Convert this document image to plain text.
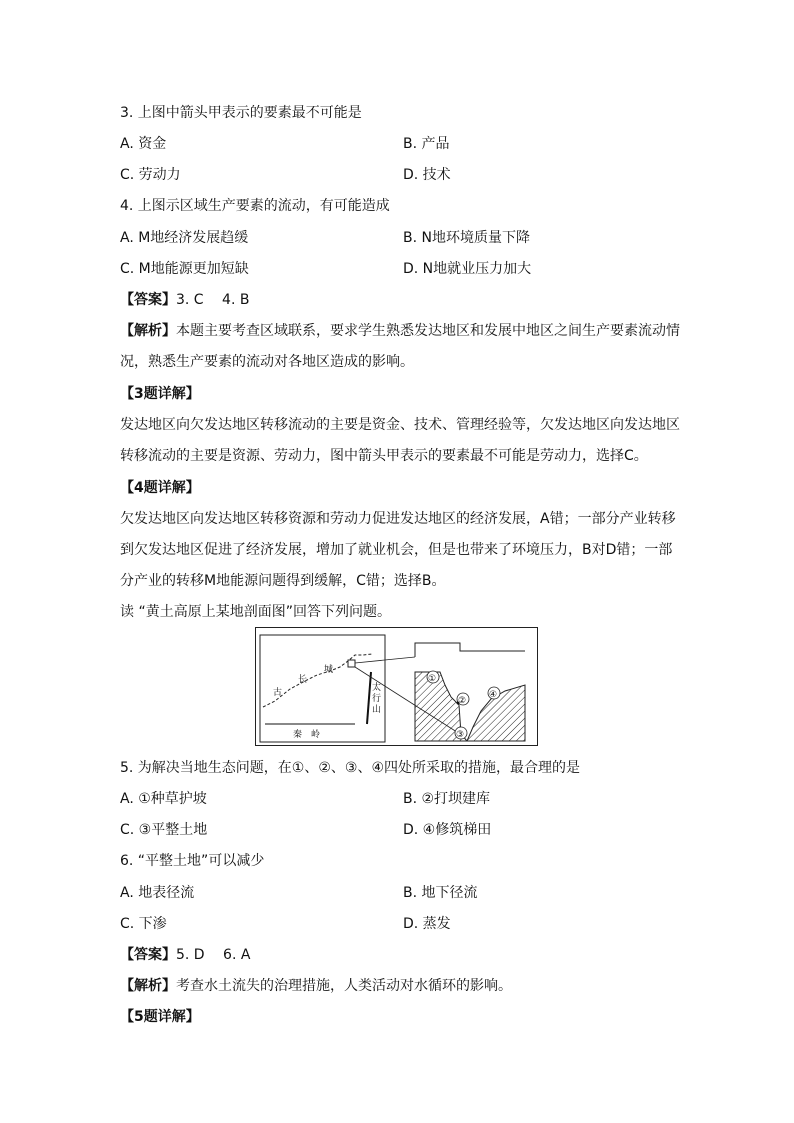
3. 上图中箭头甲表示的要素最不可能是
A. 资金	B. 产品
C. 劳动力	D. 技术
4. 上图示区域生产要素的流动，有可能造成
A. M地经济发展趋缓	B. N地环境质量下降
C. M地能源更加短缺	D. N地就业压力加大
【答案】3. C　 4. B
【解析】本题主要考查区域联系，要求学生熟悉发达地区和发展中地区之间生产要素流动情
况，熟悉生产要素的流动对各地区造成的影响。
【3题详解】
发达地区向欠发达地区转移流动的主要是资金、技术、管理经验等，欠发达地区向发达地区
转移流动的主要是资源、劳动力，图中箭头甲表示的要素最不可能是劳动力，选择C。
【4题详解】
欠发达地区向发达地区转移资源和劳动力促进发达地区的经济发展，A错；一部分产业转移
到欠发达地区促进了经济发展，增加了就业机会，但是也带来了环境压力，B对D错；一部
分产业的转移M地能源问题得到缓解，C错；选择B。
读 “黄土高原上某地剖面图”回答下列问题。
古
长
城
太
行
山
秦　岭
①
②
③
④
5. 为解决当地生态问题，在①、②、③、④四处所采取的措施，最合理的是
A. ①种草护坡	B. ②打坝建库
C. ③平整土地	D. ④修筑梯田
6. “平整土地”可以减少
A. 地表径流	B. 地下径流
C. 下渗	D. 蒸发
【答案】5. D　 6. A
【解析】考查水土流失的治理措施，人类活动对水循环的影响。
【5题详解】
